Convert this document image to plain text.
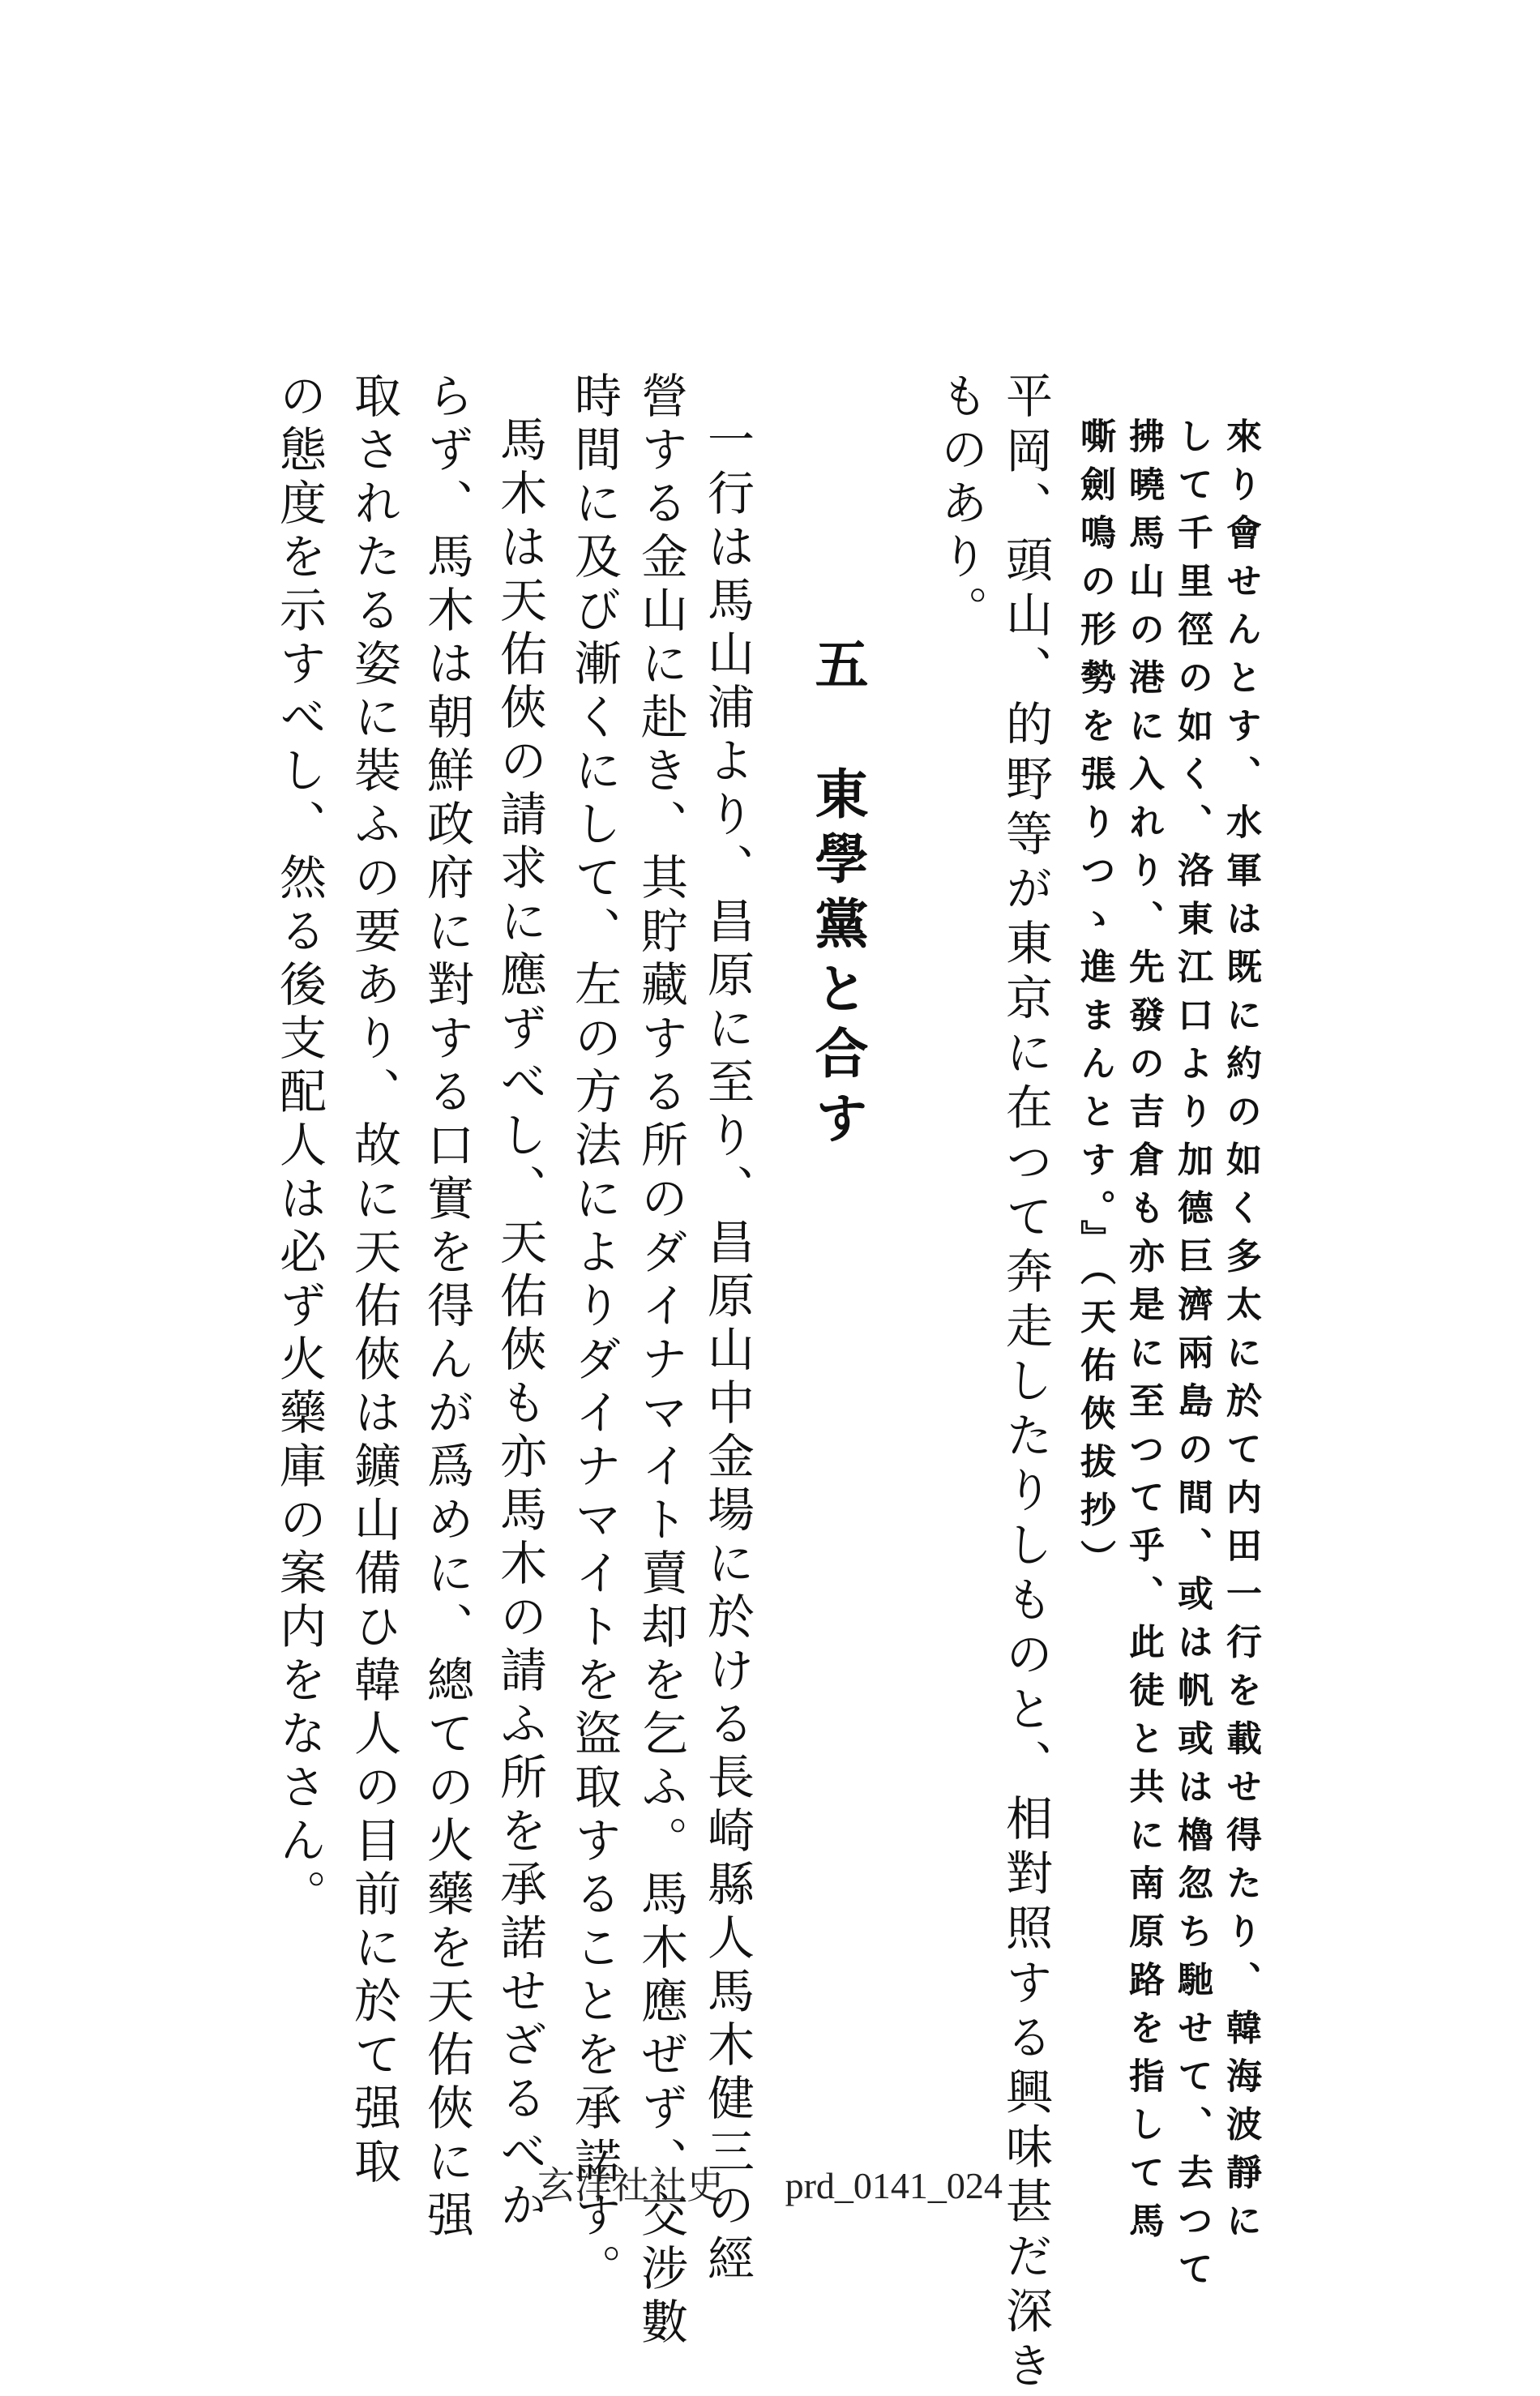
來り會せんとす、水軍は既に約の如く多太に於て内田一行を載せ得たり、韓海波靜に
して千里徑の如く、洛東江口より加德巨濟兩島の間、或は帆或は櫓忽ち馳せて、去つて
拂曉馬山の港に入れり、先發の吉倉も亦是に至つて乎、此徒と共に南原路を指して馬
嘶劍鳴の形勢を張りつゝ進まんとす。』（天佑俠拔抄）
平岡、頭山、的野等が東京に在つて奔走したりしものと、相對照する興味甚だ深き
ものあり。
五
東學黨と合す
一行は馬山浦より、昌原に至り、昌原山中金場に於ける長崎縣人馬木健三の經
營する金山に赴き、其貯藏する所のダイナマイト賣却を乞ふ。馬木應ぜず、交涉數
時間に及び漸くにして、左の方法によりダイナマイトを盜取することを承諾す。
馬木は天佑俠の請求に應ずべし、天佑俠も亦馬木の請ふ所を承諾せざるべか
らず、馬木は朝鮮政府に對する口實を得んが爲めに、總ての火藥を天佑俠に强
取されたる姿に裝ふの要あり、故に天佑俠は鑛山備ひ韓人の目前に於て强取
の態度を示すべし、然る後支配人は必ず火藥庫の案内をなさん。
玄洋社社史 prd_0141_024
